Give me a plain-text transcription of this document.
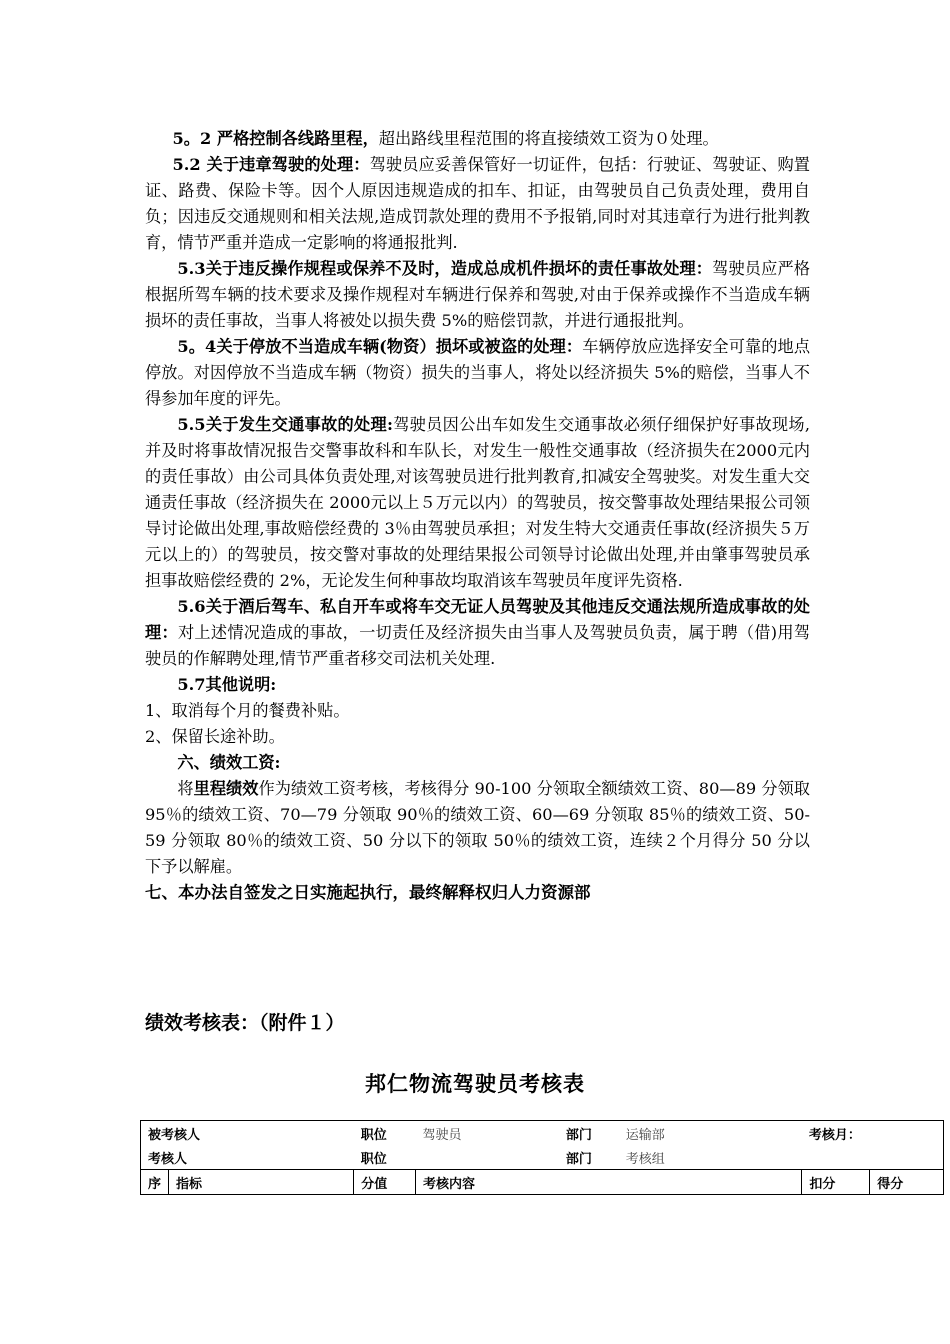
5。2 严格控制各线路里程，超出路线里程范围的将直接绩效工资为０处理。

5.2 关于违章驾驶的处理：驾驶员应妥善保管好一切证件，包括：行驶证、驾驶证、购置证、路费、保险卡等。因个人原因违规造成的扣车、扣证，由驾驶员自己负责处理，费用自负；因违反交通规则和相关法规,造成罚款处理的费用不予报销,同时对其违章行为进行批判教育，情节严重并造成一定影响的将通报批判.

5.3关于违反操作规程或保养不及时，造成总成机件损坏的责任事故处理：驾驶员应严格根据所驾车辆的技术要求及操作规程对车辆进行保养和驾驶,对由于保养或操作不当造成车辆损坏的责任事故，当事人将被处以损失费 5%的赔偿罚款，并进行通报批判。

5。4关于停放不当造成车辆(物资）损坏或被盗的处理：车辆停放应选择安全可靠的地点停放。对因停放不当造成车辆（物资）损失的当事人，将处以经济损失 5%的赔偿，当事人不得参加年度的评先。

5.5关于发生交通事故的处理:驾驶员因公出车如发生交通事故必须仔细保护好事故现场,并及时将事故情况报告交警事故科和车队长，对发生一般性交通事故（经济损失在2000元内的责任事故）由公司具体负责处理,对该驾驶员进行批判教育,扣减安全驾驶奖。对发生重大交通责任事故（经济损失在 2000元以上５万元以内）的驾驶员，按交警事故处理结果报公司领导讨论做出处理,事故赔偿经费的 3％由驾驶员承担；对发生特大交通责任事故(经济损失５万元以上的）的驾驶员，按交警对事故的处理结果报公司领导讨论做出处理,并由肇事驾驶员承担事故赔偿经费的 2%，无论发生何种事故均取消该车驾驶员年度评先资格.

5.6关于酒后驾车、私自开车或将车交无证人员驾驶及其他违反交通法规所造成事故的处理：对上述情况造成的事故，一切责任及经济损失由当事人及驾驶员负责，属于聘（借)用驾驶员的作解聘处理,情节严重者移交司法机关处理.

5.7其他说明:

1、取消每个月的餐费补贴。

2、保留长途补助。

六、绩效工资:

将里程绩效作为绩效工资考核，考核得分 90-100 分领取全额绩效工资、80—89 分领取 95％的绩效工资、70—79 分领取 90％的绩效工资、60—69 分领取 85％的绩效工资、50-59 分领取 80％的绩效工资、50 分以下的领取 50％的绩效工资，连续２个月得分 50 分以下予以解雇。

七、本办法自签发之日实施起执行，最终解释权归人力资源部

绩效考核表：（附件１）
邦仁物流驾驶员考核表
被考核人		职位	驾驶员	部门	运输部	考核月：	
考核人		职位		部门	考核组		
序	指标	分值	考核内容			扣分	得分
